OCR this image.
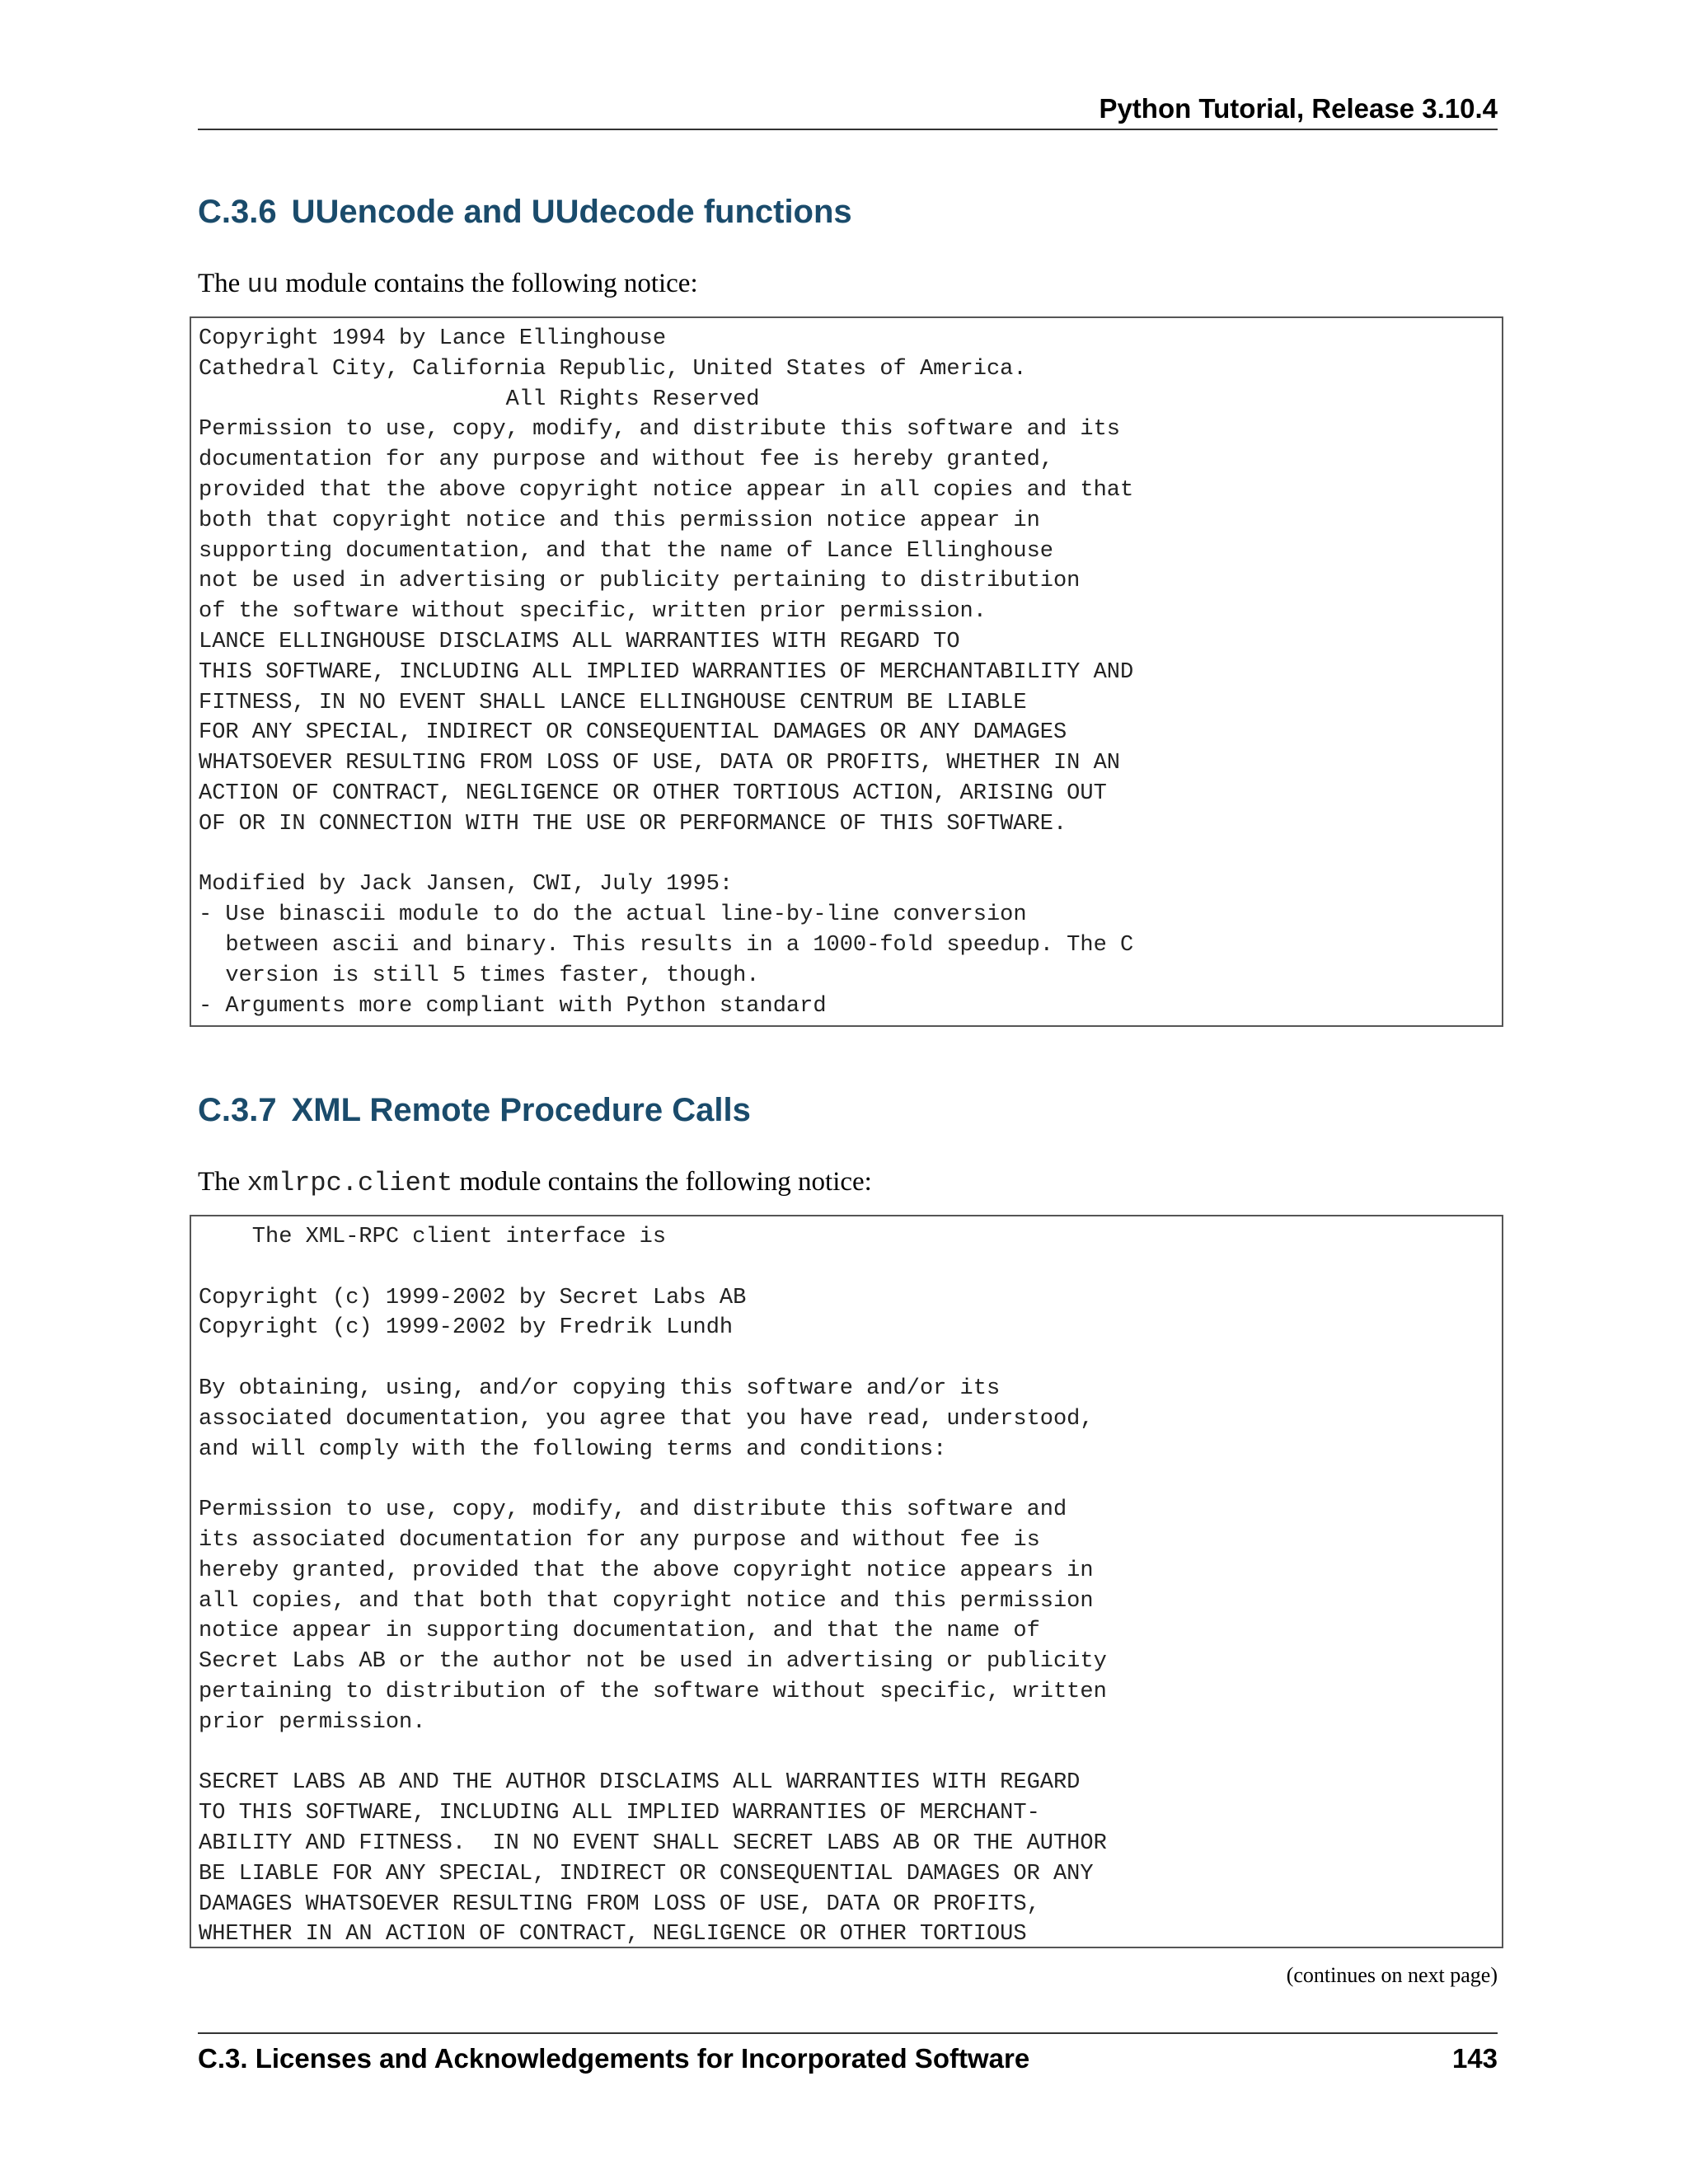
Python Tutorial, Release 3.10.4
C.3.6 UUencode and UUdecode functions

The uu module contains the following notice:

Copyright 1994 by Lance Ellinghouse
Cathedral City, California Republic, United States of America.
All Rights Reserved
Permission to use, copy, modify, and distribute this software and its
documentation for any purpose and without fee is hereby granted,
provided that the above copyright notice appear in all copies and that
both that copyright notice and this permission notice appear in
supporting documentation, and that the name of Lance Ellinghouse
not be used in advertising or publicity pertaining to distribution
of the software without specific, written prior permission.
LANCE ELLINGHOUSE DISCLAIMS ALL WARRANTIES WITH REGARD TO
THIS SOFTWARE, INCLUDING ALL IMPLIED WARRANTIES OF MERCHANTABILITY AND
FITNESS, IN NO EVENT SHALL LANCE ELLINGHOUSE CENTRUM BE LIABLE
FOR ANY SPECIAL, INDIRECT OR CONSEQUENTIAL DAMAGES OR ANY DAMAGES
WHATSOEVER RESULTING FROM LOSS OF USE, DATA OR PROFITS, WHETHER IN AN
ACTION OF CONTRACT, NEGLIGENCE OR OTHER TORTIOUS ACTION, ARISING OUT
OF OR IN CONNECTION WITH THE USE OR PERFORMANCE OF THIS SOFTWARE.

Modified by Jack Jansen, CWI, July 1995:
- Use binascii module to do the actual line-by-line conversion
between ascii and binary. This results in a 1000-fold speedup. The C
version is still 5 times faster, though.
- Arguments more compliant with Python standard
C.3.7 XML Remote Procedure Calls

The xmlrpc.client module contains the following notice:

The XML-RPC client interface is

Copyright (c) 1999-2002 by Secret Labs AB
Copyright (c) 1999-2002 by Fredrik Lundh

By obtaining, using, and/or copying this software and/or its
associated documentation, you agree that you have read, understood,
and will comply with the following terms and conditions:

Permission to use, copy, modify, and distribute this software and
its associated documentation for any purpose and without fee is
hereby granted, provided that the above copyright notice appears in
all copies, and that both that copyright notice and this permission
notice appear in supporting documentation, and that the name of
Secret Labs AB or the author not be used in advertising or publicity
pertaining to distribution of the software without specific, written
prior permission.

SECRET LABS AB AND THE AUTHOR DISCLAIMS ALL WARRANTIES WITH REGARD
TO THIS SOFTWARE, INCLUDING ALL IMPLIED WARRANTIES OF MERCHANT-
ABILITY AND FITNESS.  IN NO EVENT SHALL SECRET LABS AB OR THE AUTHOR
BE LIABLE FOR ANY SPECIAL, INDIRECT OR CONSEQUENTIAL DAMAGES OR ANY
DAMAGES WHATSOEVER RESULTING FROM LOSS OF USE, DATA OR PROFITS,
WHETHER IN AN ACTION OF CONTRACT, NEGLIGENCE OR OTHER TORTIOUS
(continues on next page)
C.3. Licenses and Acknowledgements for Incorporated Software	143
